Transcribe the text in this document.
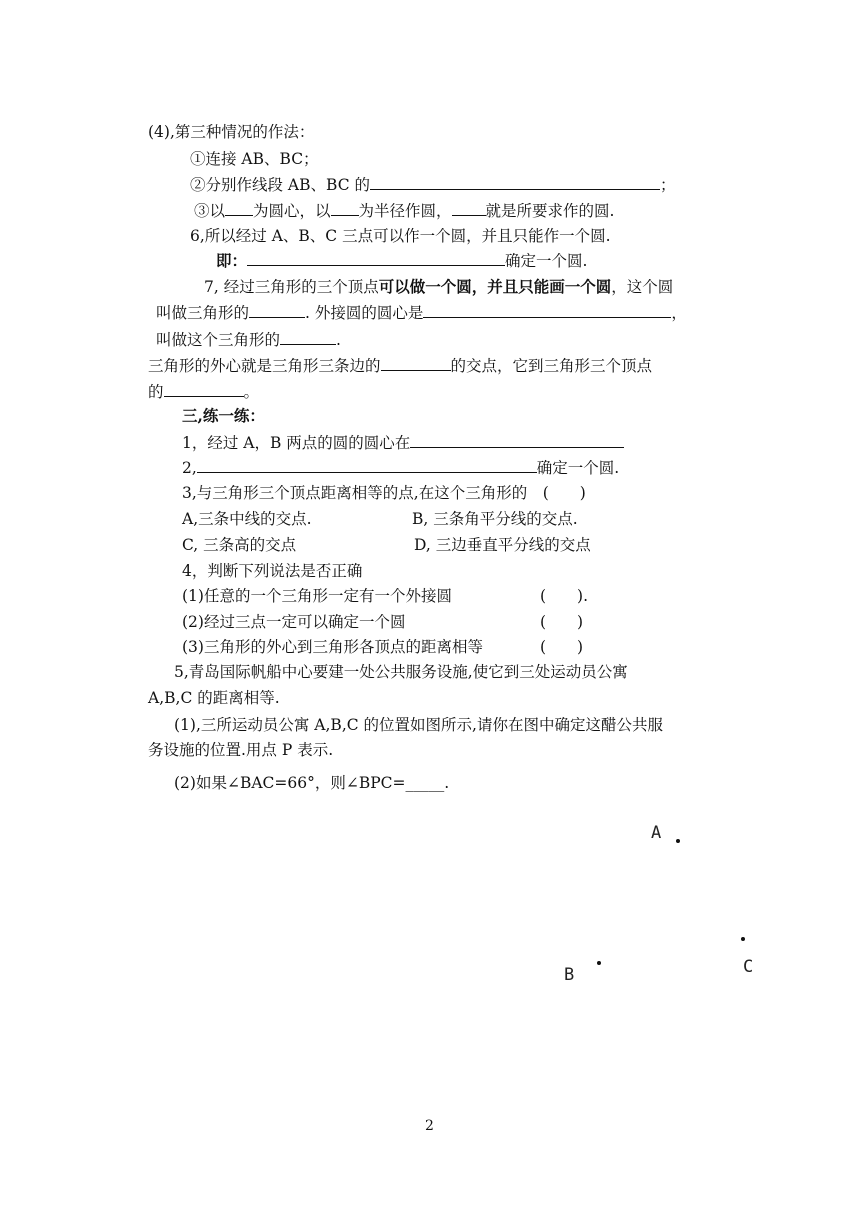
(4),第三种情况的作法：
①连接 AB、BC；
②分别作线段 AB、BC 的	；
③以 为圆心，以 为半径作圆， 就是所要求作的圆.
6,所以经过 A、B、C 三点可以作一个圆，并且只能作一个圆.
即：	确定一个圆.
7, 经过三角形的三个顶点可以做一个圆，并且只能画一个圆，这个圆
叫做三角形的	. 外接圆的圆心是	，
叫做这个三角形的	.
三角形的外心就是三角形三条边的	的交点，它到三角形三个顶点
的	。
三,练一练：
1，经过 A，B 两点的圆的圆心在
2,	确定一个圆.
3,与三角形三个顶点距离相等的点,在这个三角形的　(　　)
A,三条中线的交点.	B, 三条角平分线的交点.
C, 三条高的交点	D, 三边垂直平分线的交点
4，判断下列说法是否正确
(1)任意的一个三角形一定有一个外接圆	(　　).
(2)经过三点一定可以确定一个圆	(　　)
(3)三角形的外心到三角形各顶点的距离相等	(　　)
5,青岛国际帆船中心要建一处公共服务设施,使它到三处运动员公寓
A,B,C 的距离相等.
(1),三所运动员公寓 A,B,C 的位置如图所示,请你在图中确定这醋公共服
务设施的位置.用点 P 表示.
(2)如果∠BAC=66°，则∠BPC=_____.
A
B	C
2
